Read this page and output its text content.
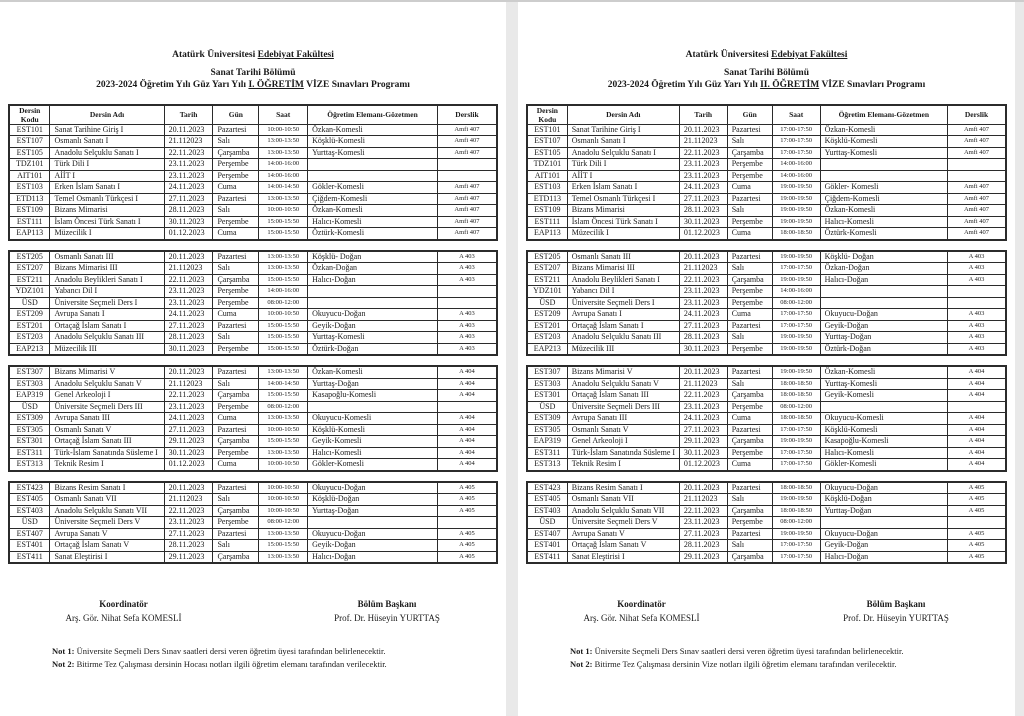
Atatürk Üniversitesi Edebiyat Fakültesi
Sanat Tarihi Bölümü
2023-2024 Öğretim Yılı Güz Yarı Yılı I. ÖĞRETİM VİZE Sınavları Programı
Dersin Kodu	Dersin Adı	Tarih	Gün	Saat	Öğretim Elemanı-Gözetmen	Derslik
EST101	Sanat Tarihine Giriş I	20.11.2023	Pazartesi	10:00-10:50	Özkan-Komesli	Amfi 407
EST107	Osmanlı Sanatı I	21.112023	Salı	13:00-13:50	Köşklü-Komesli	Amfi 407
EST105	Anadolu Selçuklu Sanatı I	22.11.2023	Çarşamba	13:00-13:50	Yurttaş-Komesli	Amfi 407
TDZ101	Türk Dili I	23.11.2023	Perşembe	14:00-16:00		
AIT101	AİİT I	23.11.2023	Perşembe	14:00-16:00		
EST103	Erken İslam Sanatı I	24.11.2023	Cuma	14:00-14:50	Gökler-Komesli	Amfi 407
ETD113	Temel Osmanlı Türkçesi I	27.11.2023	Pazartesi	13:00-13:50	Çiğdem-Komesli	Amfi 407
EST109	Bizans Mimarisi	28.11.2023	Salı	10:00-10:50	Özkan-Komesli	Amfi 407
EST111	İslam Öncesi Türk Sanatı I	30.11.2023	Perşembe	15:00-15:50	Halıcı-Komesli	Amfi 407
EAP113	Müzecilik I	01.12.2023	Cuma	15:00-15:50	Öztürk-Komesli	Amfi 407
EST205	Osmanlı Sanatı III	20.11.2023	Pazartesi	13:00-13:50	Köşklü- Doğan	A 403
EST207	Bizans Mimarisi III	21.112023	Salı	13:00-13:50	Özkan-Doğan	A 403
EST211	Anadolu Beylikleri Sanatı I	22.11.2023	Çarşamba	15:00-15:50	Halıcı-Doğan	A 403
YDZ101	Yabancı Dil I	23.11.2023	Perşembe	14:00-16:00		
ÜSD	Üniversite Seçmeli Ders I	23.11.2023	Perşembe	08:00-12:00		
EST209	Avrupa Sanatı I	24.11.2023	Cuma	10:00-10:50	Okuyucu-Doğan	A 403
EST201	Ortaçağ İslam Sanatı I	27.11.2023	Pazartesi	15:00-15:50	Geyik-Doğan	A 403
EST203	Anadolu Selçuklu Sanatı III	28.11.2023	Salı	15:00-15:50	Yurttaş-Komesli	A 403
EAP213	Müzecilik III	30.11.2023	Perşembe	15:00-15:50	Öztürk-Doğan	A 403
EST307	Bizans Mimarisi V	20.11.2023	Pazartesi	13:00-13:50	Özkan-Komesli	A 404
EST303	Anadolu Selçuklu Sanatı V	21.112023	Salı	14:00-14:50	Yurttaş-Doğan	A 404
EAP319	Genel Arkeoloji I	22.11.2023	Çarşamba	15:00-15:50	Kasapoğlu-Komesli	A 404
ÜSD	Üniversite Seçmeli Ders III	23.11.2023	Perşembe	08:00-12:00		
EST309	Avrupa Sanatı III	24.11.2023	Cuma	13:00-13:50	Okuyucu-Komesli	A 404
EST305	Osmanlı Sanatı V	27.11.2023	Pazartesi	10:00-10:50	Köşklü-Komesli	A 404
EST301	Ortaçağ İslam Sanatı III	29.11.2023	Çarşamba	15:00-15:50	Geyik-Komesli	A 404
EST311	Türk-İslam Sanatında Süsleme I	30.11.2023	Perşembe	13:00-13:50	Halıcı-Komesli	A 404
EST313	Teknik Resim I	01.12.2023	Cuma	10:00-10:50	Gökler-Komesli	A 404
EST423	Bizans Resim Sanatı I	20.11.2023	Pazartesi	10:00-10:50	Okuyucu-Doğan	A 405
EST405	Osmanlı Sanatı VII	21.112023	Salı	10:00-10:50	Köşklü-Doğan	A 405
EST403	Anadolu Selçuklu Sanatı VII	22.11.2023	Çarşamba	10:00-10:50	Yurttaş-Doğan	A 405
ÜSD	Üniversite Seçmeli Ders V	23.11.2023	Perşembe	08:00-12:00		
EST407	Avrupa Sanatı V	27.11.2023	Pazartesi	13:00-13:50	Okuyucu-Doğan	A 405
EST401	Ortaçağ İslam Sanatı V	28.11.2023	Salı	15:00-15:50	Geyik-Doğan	A 405
EST411	Sanat Eleştirisi I	29.11.2023	Çarşamba	13:00-13:50	Halıcı-Doğan	A 405
Koordinatör
Arş. Gör. Nihat Sefa KOMESLİ
Bölüm Başkanı
Prof. Dr. Hüseyin YURTTAŞ
Not 1: Üniversite Seçmeli Ders Sınav saatleri dersi veren öğretim üyesi tarafından belirlenecektir.
Not 2: Bitirme Tez Çalışması dersinin Hocası notları ilgili öğretim elemanı tarafından verilecektir.
Atatürk Üniversitesi Edebiyat Fakültesi
Sanat Tarihi Bölümü
2023-2024 Öğretim Yılı Güz Yarı Yılı II. ÖĞRETİM VİZE Sınavları Programı
Dersin Kodu	Dersin Adı	Tarih	Gün	Saat	Öğretim Elemanı-Gözetmen	Derslik
EST101	Sanat Tarihine Giriş I	20.11.2023	Pazartesi	17:00-17:50	Özkan-Komesli	Amfi 407
EST107	Osmanlı Sanatı I	21.112023	Salı	17:00-17:50	Köşklü-Komesli	Amfi 407
EST105	Anadolu Selçuklu Sanatı I	22.11.2023	Çarşamba	17:00-17:50	Yurttaş-Komesli	Amfi 407
TDZ101	Türk Dili I	23.11.2023	Perşembe	14:00-16:00		
AIT101	AİİT I	23.11.2023	Perşembe	14:00-16:00		
EST103	Erken İslam Sanatı I	24.11.2023	Cuma	19:00-19:50	Gökler- Komesli	Amfi 407
ETD113	Temel Osmanlı Türkçesi I	27.11.2023	Pazartesi	19:00-19:50	Çiğdem-Komesli	Amfi 407
EST109	Bizans Mimarisi	28.11.2023	Salı	19:00-19:50	Özkan-Komesli	Amfi 407
EST111	İslam Öncesi Türk Sanatı I	30.11.2023	Perşembe	19:00-19:50	Halıcı-Komesli	Amfi 407
EAP113	Müzecilik I	01.12.2023	Cuma	18:00-18:50	Öztürk-Komesli	Amfi 407
EST205	Osmanlı Sanatı III	20.11.2023	Pazartesi	19:00-19:50	Köşklü- Doğan	A 403
EST207	Bizans Mimarisi III	21.112023	Salı	17:00-17:50	Özkan-Doğan	A 403
EST211	Anadolu Beylikleri Sanatı I	22.11.2023	Çarşamba	19:00-19:50	Halıcı-Doğan	A 403
YDZ101	Yabancı Dil I	23.11.2023	Perşembe	14:00-16:00		
ÜSD	Üniversite Seçmeli Ders I	23.11.2023	Perşembe	08:00-12:00		
EST209	Avrupa Sanatı I	24.11.2023	Cuma	17:00-17:50	Okuyucu-Doğan	A 403
EST201	Ortaçağ İslam Sanatı I	27.11.2023	Pazartesi	17:00-17:50	Geyik-Doğan	A 403
EST203	Anadolu Selçuklu Sanatı III	28.11.2023	Salı	19:00-19:50	Yurttaş-Doğan	A 403
EAP213	Müzecilik III	30.11.2023	Perşembe	19:00-19:50	Öztürk-Doğan	A 403
EST307	Bizans Mimarisi V	20.11.2023	Pazartesi	19:00-19:50	Özkan-Komesli	A 404
EST303	Anadolu Selçuklu Sanatı V	21.112023	Salı	18:00-18:50	Yurttaş-Komesli	A 404
EST301	Ortaçağ İslam Sanatı III	22.11.2023	Çarşamba	18:00-18:50	Geyik-Komesli	A 404
ÜSD	Üniversite Seçmeli Ders III	23.11.2023	Perşembe	08:00-12:00		
EST309	Avrupa Sanatı III	24.11.2023	Cuma	18:00-18:50	Okuyucu-Komesli	A 404
EST305	Osmanlı Sanatı V	27.11.2023	Pazartesi	17:00-17:50	Köşklü-Komesli	A 404
EAP319	Genel Arkeoloji I	29.11.2023	Çarşamba	19:00-19:50	Kasapoğlu-Komesli	A 404
EST311	Türk-İslam Sanatında Süsleme I	30.11.2023	Perşembe	17:00-17:50	Halıcı-Komesli	A 404
EST313	Teknik Resim I	01.12.2023	Cuma	17:00-17:50	Gökler-Komesli	A 404
EST423	Bizans Resim Sanatı I	20.11.2023	Pazartesi	18:00-18:50	Okuyucu-Doğan	A 405
EST405	Osmanlı Sanatı VII	21.112023	Salı	19:00-19:50	Köşklü-Doğan	A 405
EST403	Anadolu Selçuklu Sanatı VII	22.11.2023	Çarşamba	18:00-18:50	Yurttaş-Doğan	A 405
ÜSD	Üniversite Seçmeli Ders V	23.11.2023	Perşembe	08:00-12:00		
EST407	Avrupa Sanatı V	27.11.2023	Pazartesi	19:00-19:50	Okuyucu-Doğan	A 405
EST401	Ortaçağ İslam Sanatı V	28.11.2023	Salı	17:00-17:50	Geyik-Doğan	A 405
EST411	Sanat Eleştirisi I	29.11.2023	Çarşamba	17:00-17:50	Halıcı-Doğan	A 405
Koordinatör
Arş. Gör. Nihat Sefa KOMESLİ
Bölüm Başkanı
Prof. Dr. Hüseyin YURTTAŞ
Not 1: Üniversite Seçmeli Ders Sınav saatleri dersi veren öğretim üyesi tarafından belirlenecektir.
Not 2: Bitirme Tez Çalışması dersinin Vize notları ilgili öğretim elemanı tarafından verilecektir.
